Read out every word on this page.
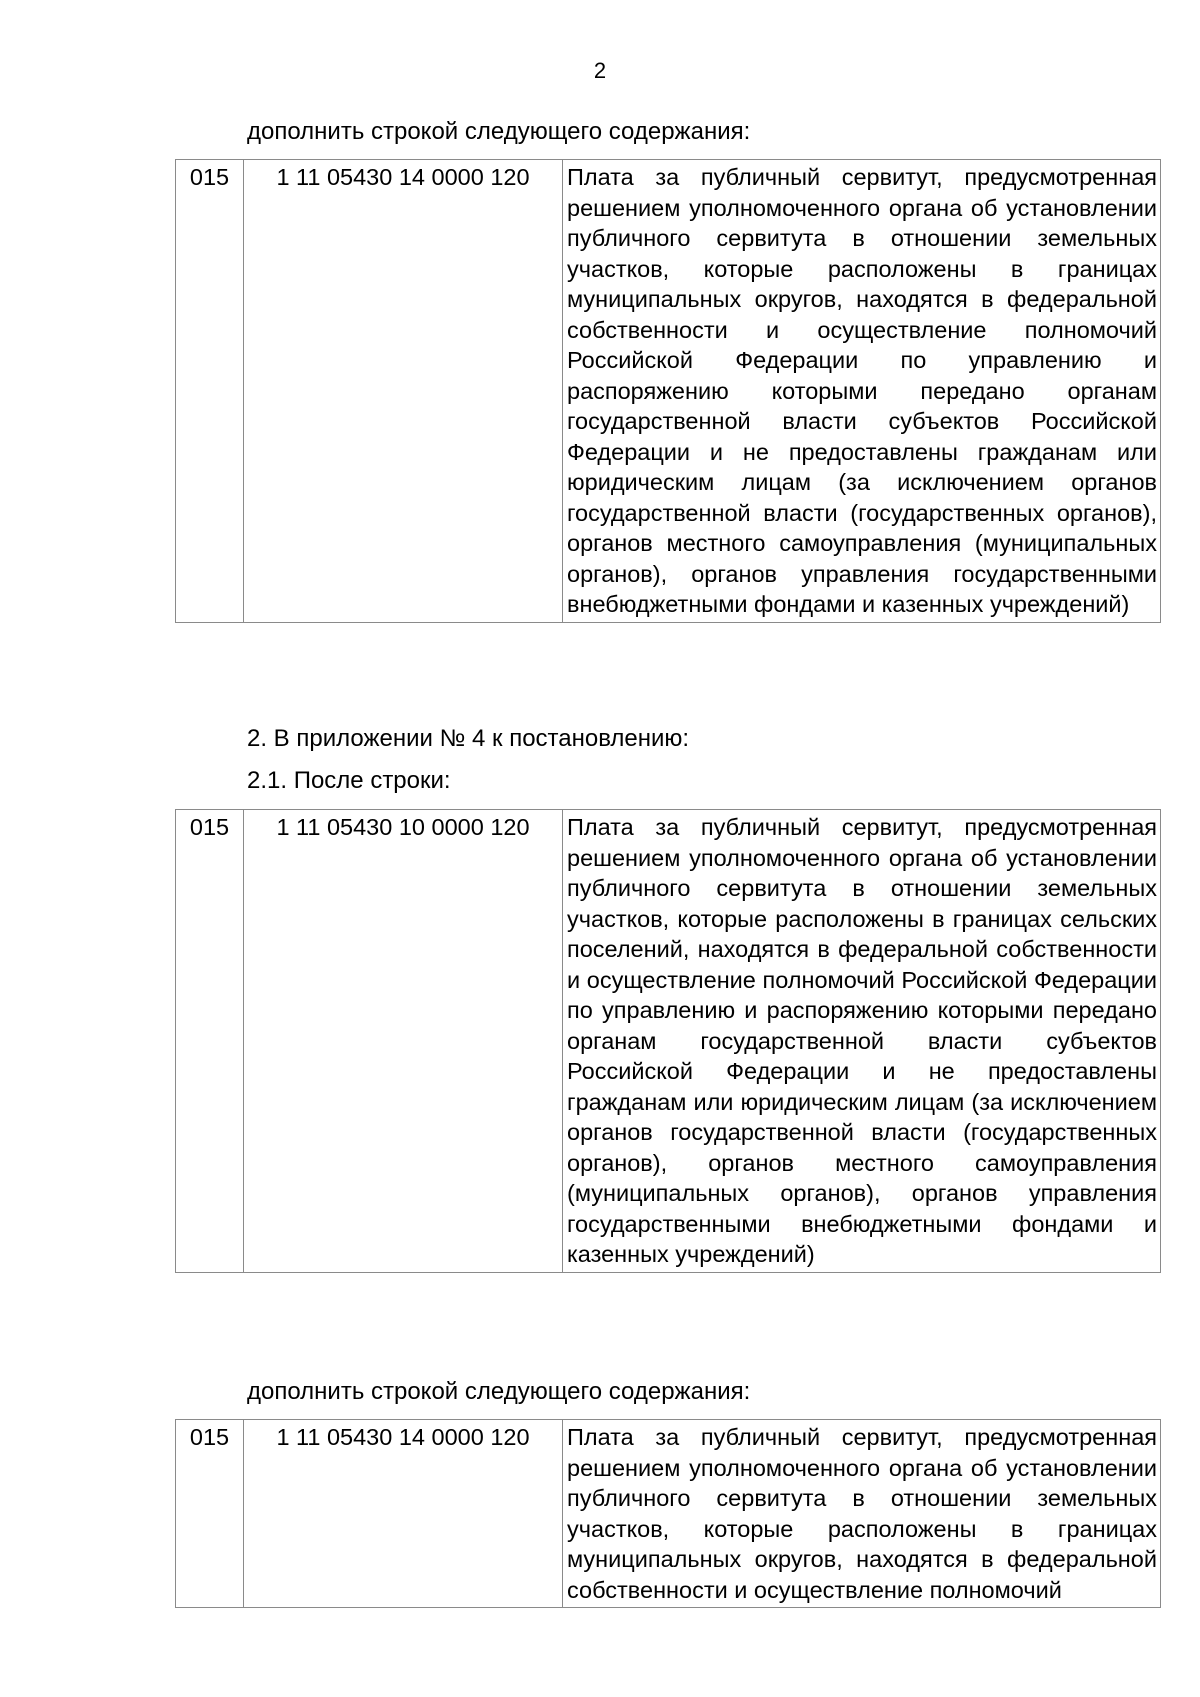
2
дополнить строкой следующего содержания:
015	1 11 05430 14 0000 120	Плата за публичный сервитут, предусмотренная решением уполномоченного органа об установлении публичного сервитута в отношении земельных участков, которые расположены в границах муниципальных округов, находятся в федеральной собственности и осуществление полномочий Российской Федерации по управлению и распоряжению которыми передано органам государственной власти субъектов Российской Федерации и не предоставлены гражданам или юридическим лицам (за исключением органов государственной власти (государственных органов), органов местного самоуправления (муниципальных органов), органов управления государственными внебюджетными фондами и казенных учреждений)
2. В приложении № 4 к постановлению:
2.1. После строки:
015	1 11 05430 10 0000 120	Плата за публичный сервитут, предусмотренная решением уполномоченного органа об установлении публичного сервитута в отношении земельных участков, которые расположены в границах сельских поселений, находятся в федеральной собственности и осуществление полномочий Российской Федерации по управлению и распоряжению которыми передано органам государственной власти субъектов Российской Федерации и не предоставлены гражданам или юридическим лицам (за исключением органов государственной власти (государственных органов), органов местного самоуправления (муниципальных органов), органов управления государственными внебюджетными фондами и казенных учреждений)
дополнить строкой следующего содержания:
015	1 11 05430 14 0000 120	Плата за публичный сервитут, предусмотренная решением уполномоченного органа об установлении публичного сервитута в отношении земельных участков, которые расположены в границах муниципальных округов, находятся в федеральной собственности и осуществление полномочий
